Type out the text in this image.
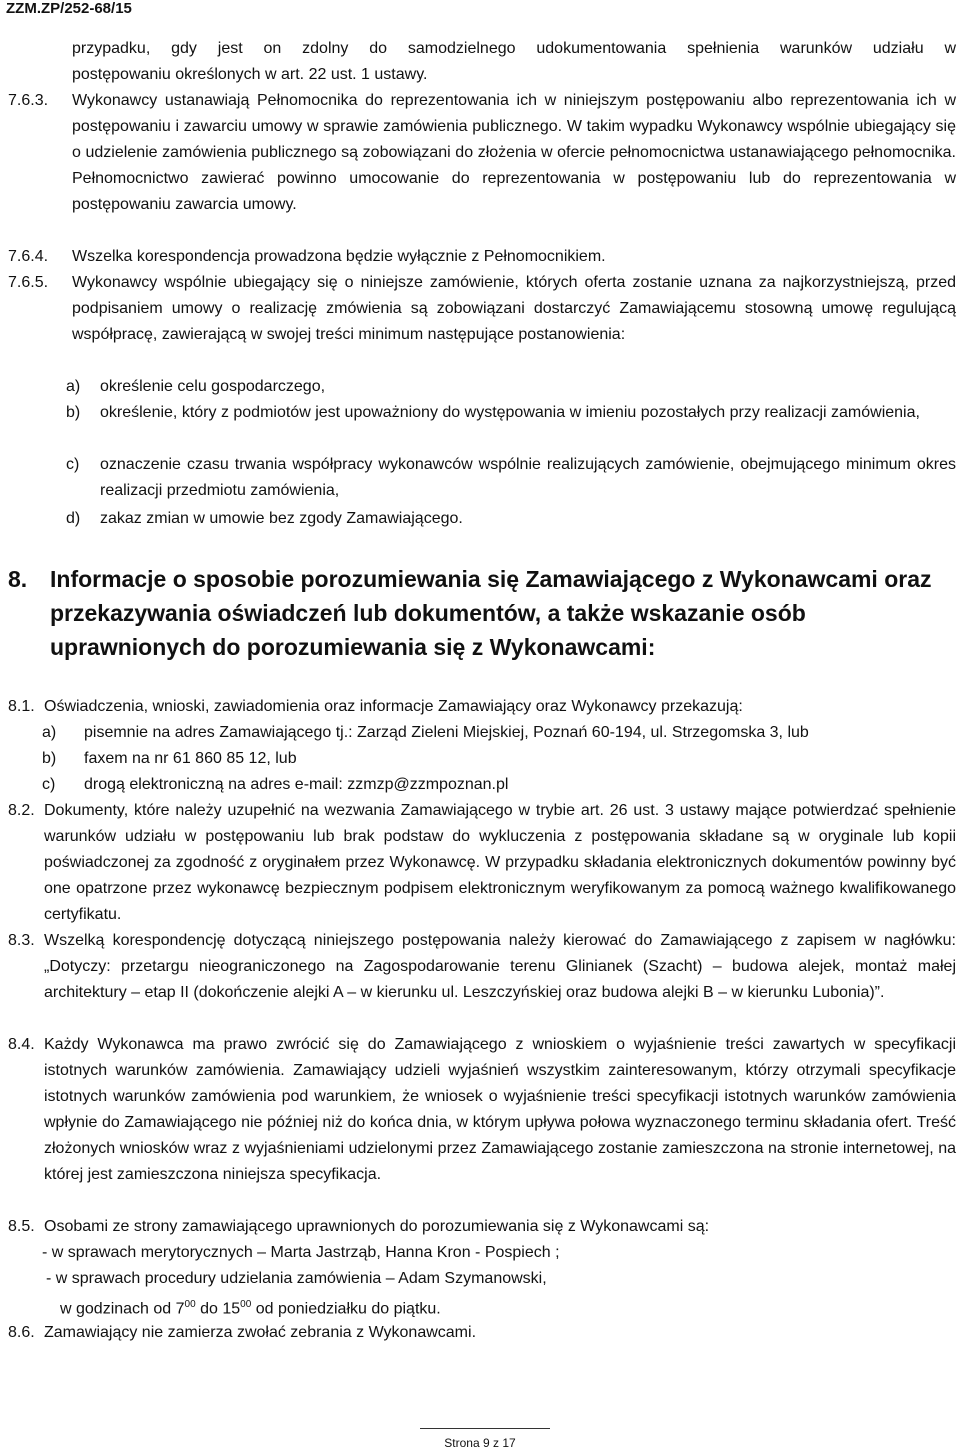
ZZM.ZP/252-68/15
przypadku, gdy jest on zdolny do samodzielnego udokumentowania spełnienia warunków udziału w
postępowaniu określonych w art. 22 ust. 1 ustawy.
7.6.3.	Wykonawcy ustanawiają Pełnomocnika do reprezentowania ich w niniejszym postępowaniu albo reprezentowania ich w postępowaniu i zawarciu umowy w sprawie zamówienia publicznego. W takim wypadku Wykonawcy wspólnie ubiegający się o udzielenie zamówienia publicznego są zobowiązani do złożenia w ofercie pełnomocnictwa ustanawiającego pełnomocnika. Pełnomocnictwo zawierać powinno umocowanie do reprezentowania w postępowaniu lub do reprezentowania w postępowaniu zawarcia umowy.
7.6.4.	Wszelka korespondencja prowadzona będzie wyłącznie z Pełnomocnikiem.
7.6.5.	Wykonawcy wspólnie ubiegający się o niniejsze zamówienie, których oferta zostanie uznana za najkorzystniejszą, przed podpisaniem umowy o realizację zmówienia są zobowiązani dostarczyć Zamawiającemu stosowną umowę regulującą współpracę, zawierającą w swojej treści minimum następujące postanowienia:
a)	określenie celu gospodarczego,
b)	określenie, który z podmiotów jest upoważniony do występowania w imieniu pozostałych przy realizacji zamówienia,
c)	oznaczenie czasu trwania współpracy wykonawców wspólnie realizujących zamówienie, obejmującego minimum okres realizacji przedmiotu zamówienia,
d)	zakaz zmian w umowie bez zgody Zamawiającego.
8. Informacje o sposobie porozumiewania się Zamawiającego z Wykonawcami oraz przekazywania oświadczeń lub dokumentów, a także wskazanie osób uprawnionych do porozumiewania się z Wykonawcami:
8.1. Oświadczenia, wnioski, zawiadomienia oraz informacje Zamawiający oraz Wykonawcy przekazują:
a)	pisemnie na adres Zamawiającego tj.: Zarząd Zieleni Miejskiej, Poznań 60-194, ul. Strzegomska 3, lub
b)	faxem na nr 61 860 85 12, lub
c)	drogą elektroniczną na adres e-mail: zzmzp@zzmpoznan.pl
8.2. Dokumenty, które należy uzupełnić na wezwania Zamawiającego w trybie art. 26 ust. 3 ustawy mające potwierdzać spełnienie warunków udziału w postępowaniu lub brak podstaw do wykluczenia z postępowania składane są w oryginale lub kopii poświadczonej za zgodność z oryginałem przez Wykonawcę. W przypadku składania elektronicznych dokumentów powinny być one opatrzone przez wykonawcę bezpiecznym podpisem elektronicznym weryfikowanym za pomocą ważnego kwalifikowanego certyfikatu.
8.3. Wszelką korespondencję dotyczącą niniejszego postępowania należy kierować do Zamawiającego z zapisem w nagłówku: „Dotyczy: przetargu nieograniczonego na Zagospodarowanie terenu Glinianek (Szacht) – budowa alejek, montaż małej architektury – etap II (dokończenie alejki A – w kierunku ul. Leszczyńskiej oraz budowa alejki B – w kierunku Lubonia)”.
8.4. Każdy Wykonawca ma prawo zwrócić się do Zamawiającego z wnioskiem o wyjaśnienie treści zawartych w specyfikacji istotnych warunków zamówienia. Zamawiający udzieli wyjaśnień wszystkim zainteresowanym, którzy otrzymali specyfikacje istotnych warunków zamówienia pod warunkiem, że wniosek o wyjaśnienie treści specyfikacji istotnych warunków zamówienia wpłynie do Zamawiającego nie później niż do końca dnia, w którym upływa połowa wyznaczonego terminu składania ofert. Treść złożonych wniosków wraz z wyjaśnieniami udzielonymi przez Zamawiającego zostanie zamieszczona na stronie internetowej, na której jest zamieszczona niniejsza specyfikacja.
8.5. Osobami ze strony zamawiającego uprawnionych do porozumiewania się z Wykonawcami są:
- w sprawach merytorycznych – Marta Jastrząb, Hanna Kron - Pospiech ;
- w sprawach procedury udzielania zamówienia – Adam Szymanowski,
w godzinach od $7^{00}$ do $15^{00}$ od poniedziałku do piątku.
8.6. Zamawiający nie zamierza zwołać zebrania z Wykonawcami.
Strona 9 z 17
